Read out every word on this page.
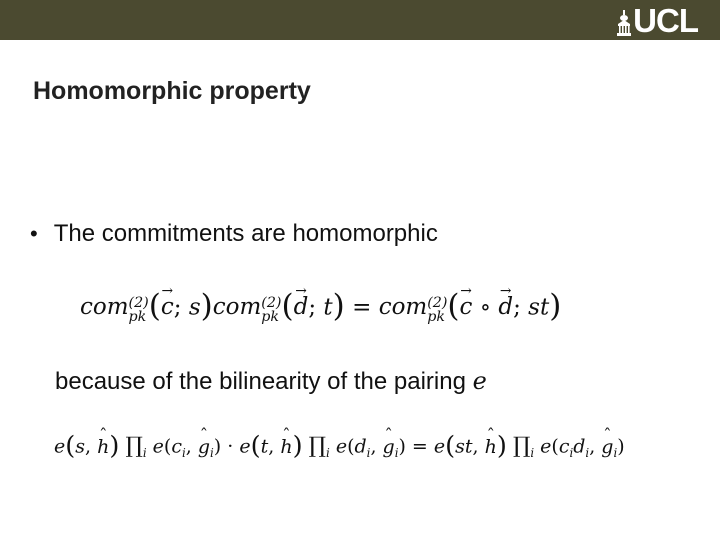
UCL
Homomorphic property
• The commitments are homomorphic
com (2)
pk (→ c; s)com (2)
pk (→ d; t) = com (2)
pk (→ c ∘ → d; st)
because of the bilinearity of the pairing e
e(s, ˆ h) $\prod_i$ $e(c_i$, ˆ $g_i) \cdot e(t$, ˆ h) $\prod_i$ $e(d_i$, ˆ $g_i) = e(st$, ˆ h) $\prod_i$ $e(c_id_i$, ˆ $g_i$)
